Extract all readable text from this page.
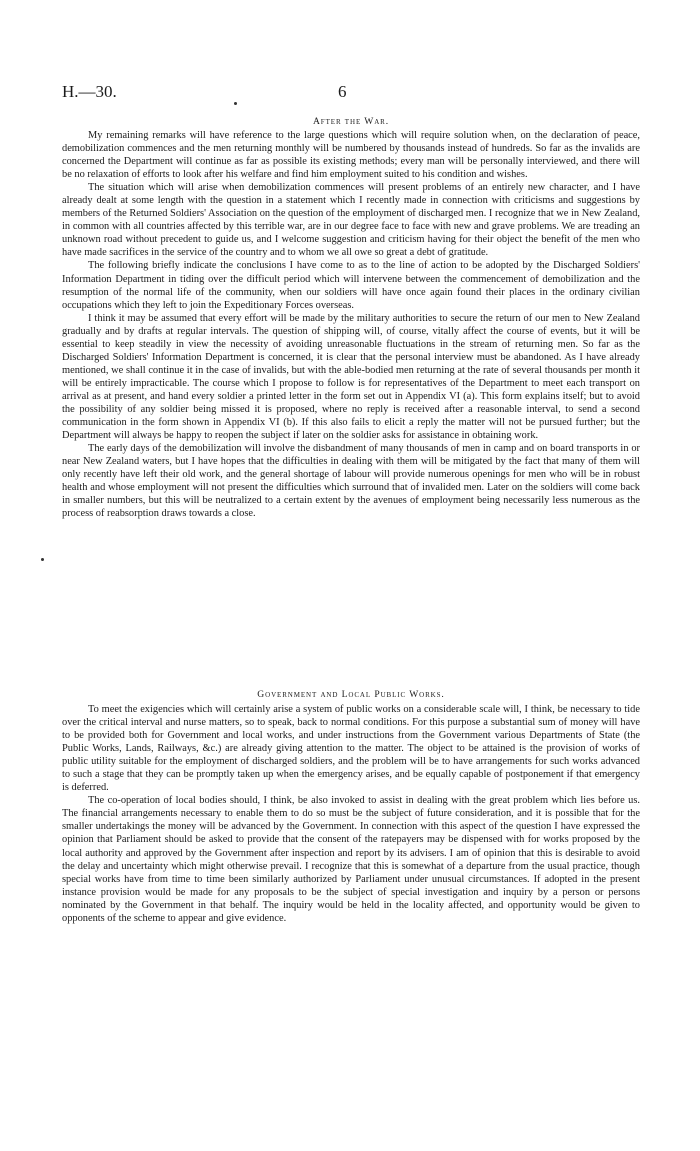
H.—30.	6
After the War.

My remaining remarks will have reference to the large questions which will require solution when, on the declaration of peace, demobilization commences and the men returning monthly will be numbered by thousands instead of hundreds. So far as the invalids are concerned the Department will continue as far as possible its existing methods; every man will be personally interviewed, and there will be no relaxation of efforts to look after his welfare and find him employment suited to his condition and wishes.

The situation which will arise when demobilization commences will present problems of an entirely new character, and I have already dealt at some length with the question in a statement which I recently made in connection with criticisms and suggestions by members of the Returned Soldiers' Association on the question of the employment of discharged men. I recognize that we in New Zealand, in common with all countries affected by this terrible war, are in our degree face to face with new and grave problems. We are treading an unknown road without precedent to guide us, and I welcome suggestion and criticism having for their object the benefit of the men who have made sacrifices in the service of the country and to whom we all owe so great a debt of gratitude.

The following briefly indicate the conclusions I have come to as to the line of action to be adopted by the Discharged Soldiers' Information Department in tiding over the difficult period which will intervene between the commencement of demobilization and the resumption of the normal life of the community, when our soldiers will have once again found their places in the ordinary civilian occupations which they left to join the Expeditionary Forces overseas.

I think it may be assumed that every effort will be made by the military authorities to secure the return of our men to New Zealand gradually and by drafts at regular intervals. The question of shipping will, of course, vitally affect the course of events, but it will be essential to keep steadily in view the necessity of avoiding unreasonable fluctuations in the stream of returning men. So far as the Discharged Soldiers' Information Department is concerned, it is clear that the personal interview must be abandoned. As I have already mentioned, we shall continue it in the case of invalids, but with the able-bodied men returning at the rate of several thousands per month it will be entirely impracticable. The course which I propose to follow is for representatives of the Department to meet each transport on arrival as at present, and hand every soldier a printed letter in the form set out in Appendix VI (a). This form explains itself; but to avoid the possibility of any soldier being missed it is proposed, where no reply is received after a reasonable interval, to send a second communication in the form shown in Appendix VI (b). If this also fails to elicit a reply the matter will not be pursued further; but the Department will always be happy to reopen the subject if later on the soldier asks for assistance in obtaining work.

The early days of the demobilization will involve the disbandment of many thousands of men in camp and on board transports in or near New Zealand waters, but I have hopes that the difficulties in dealing with them will be mitigated by the fact that many of them will only recently have left their old work, and the general shortage of labour will provide numerous openings for men who will be in robust health and whose employment will not present the difficulties which surround that of invalided men. Later on the soldiers will come back in smaller numbers, but this will be neutralized to a certain extent by the avenues of employment being necessarily less numerous as the process of reabsorption draws towards a close.

Government and Local Public Works.

To meet the exigencies which will certainly arise a system of public works on a considerable scale will, I think, be necessary to tide over the critical interval and nurse matters, so to speak, back to normal conditions. For this purpose a substantial sum of money will have to be provided both for Government and local works, and under instructions from the Government various Departments of State (the Public Works, Lands, Railways, &c.) are already giving attention to the matter. The object to be attained is the provision of works of public utility suitable for the employment of discharged soldiers, and the problem will be to have arrangements for such works advanced to such a stage that they can be promptly taken up when the emergency arises, and be equally capable of postponement if that emergency is deferred.

The co-operation of local bodies should, I think, be also invoked to assist in dealing with the great problem which lies before us. The financial arrangements necessary to enable them to do so must be the subject of future consideration, and it is possible that for the smaller undertakings the money will be advanced by the Government. In connection with this aspect of the question I have expressed the opinion that Parliament should be asked to provide that the consent of the ratepayers may be dispensed with for works proposed by the local authority and approved by the Government after inspection and report by its advisers. I am of opinion that this is desirable to avoid the delay and uncertainty which might otherwise prevail. I recognize that this is somewhat of a departure from the usual practice, though special works have from time to time been similarly authorized by Parliament under unusual circumstances. If adopted in the present instance provision would be made for any proposals to be the subject of special investigation and inquiry by a person or persons nominated by the Government in that behalf. The inquiry would be held in the locality affected, and opportunity would be given to opponents of the scheme to appear and give evidence.
